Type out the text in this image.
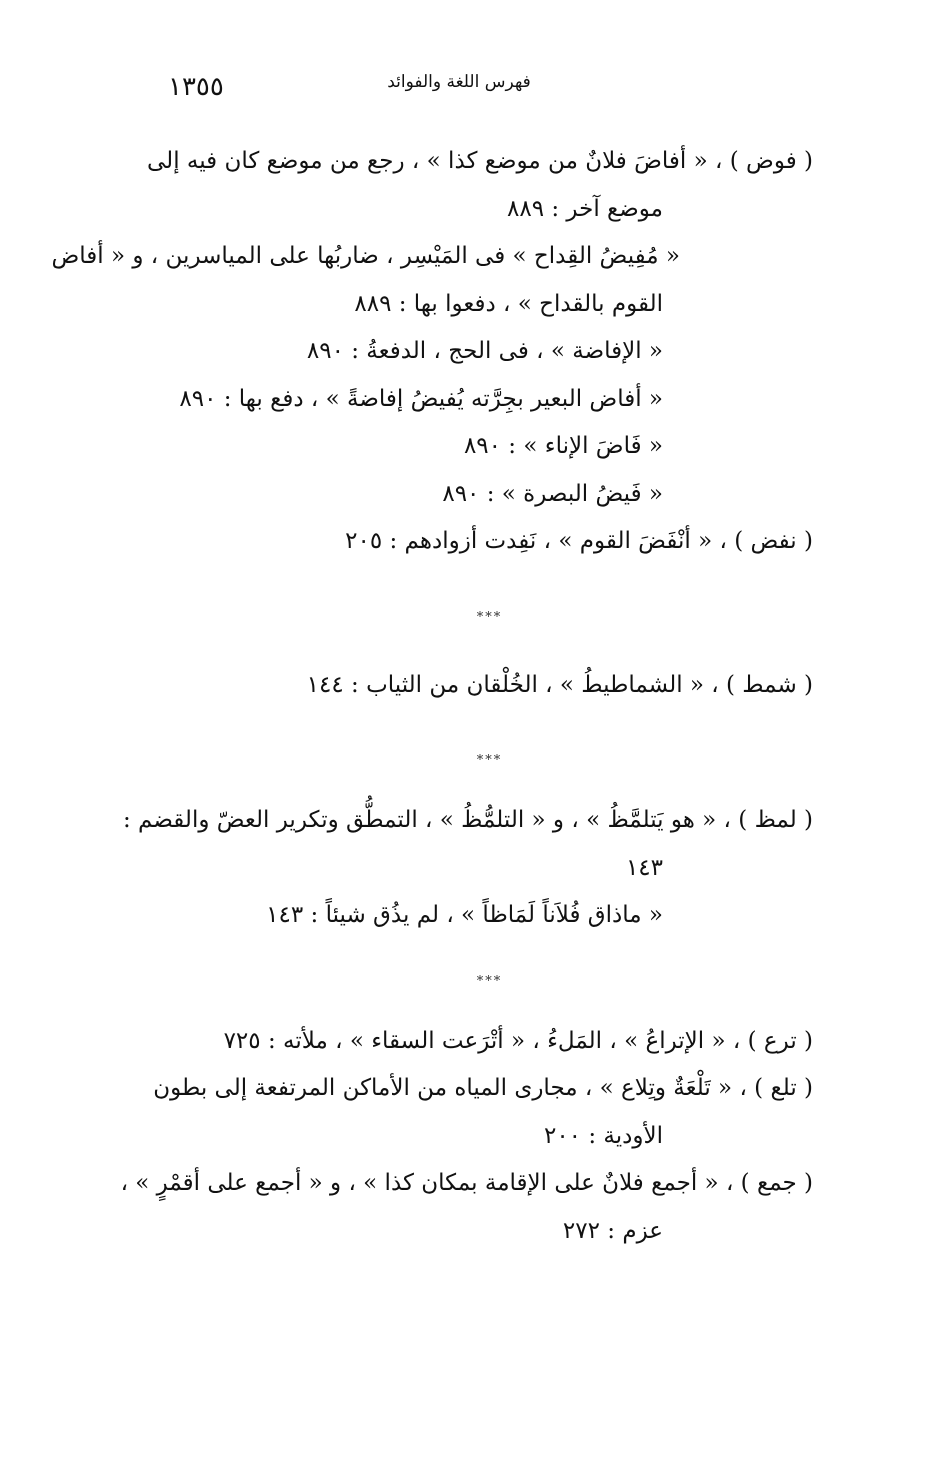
١٣٥٥	فهرس اللغة والفوائد
( فوض ) ، « أفاضَ فلانٌ من موضع كذا » ، رجع من موضع كان فيه إلى
موضع آخر : ٨٨٩
« مُفِيضُ القِداح » فى المَيْسِر ، ضاربُها على المياسرين ، و « أفاض
القوم بالقداح » ، دفعوا بها : ٨٨٩
« الإفاضة » ، فى الحج ، الدفعةُ : ٨٩٠
« أفاض البعير بجِرَّته يُفيضُ إفاضةً » ، دفع بها : ٨٩٠
« فَاضَ الإناء » : ٨٩٠
« فَيضُ البصرة » : ٨٩٠
( نفض ) ، « أنْفَضَ القوم » ، نَفِدت أزوادهم : ٢٠٥
***
( شمط ) ، « الشماطيطُ » ، الخُلْقان من الثياب : ١٤٤
***
( لمظ ) ، « هو يَتلمَّظُ » ، و « التلمُّظُ » ، التمطُّق وتكرير العضّ والقضم :
١٤٣
« ماذاق فُلاَناً لَمَاظاً » ، لم يذُق شيئاً : ١٤٣
***
( ترع ) ، « الإتراعُ » ، المَلءُ ، « أتْرَعت السقاء » ، ملأته : ٧٢٥
( تلع ) ، « تَلْعَةٌ وتِلاع » ، مجارى المياه من الأماكن المرتفعة إلى بطون
الأودية : ٢٠٠
( جمع ) ، « أجمع فلانٌ على الإقامة بمكان كذا » ، و « أجمع على أقمْرٍ » ،
عزم : ٢٧٢
